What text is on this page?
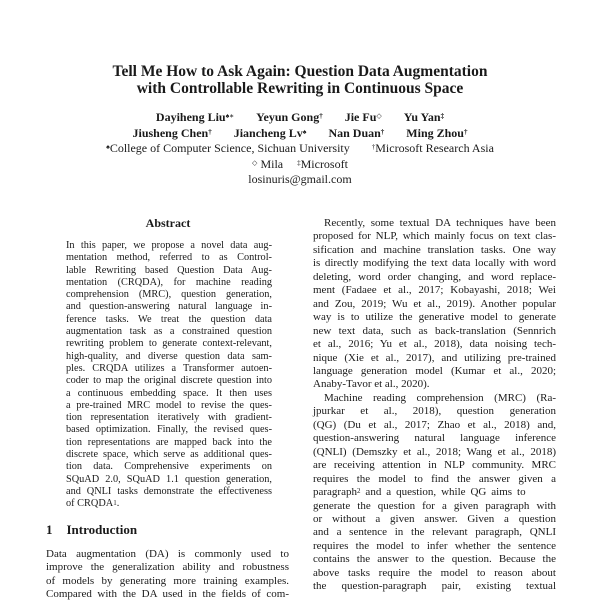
Tell Me How to Ask Again: Question Data Augmentation
with Controllable Rewriting in Continuous Space
Dayiheng Liu♠∗ Yeyun Gong† Jie Fu◇ Yu Yan‡
Jiusheng Chen† Jiancheng Lv♠ Nan Duan† Ming Zhou†
♠College of Computer Science, Sichuan University	†Microsoft Research Asia
◇ Mila ‡Microsoft
losinuris@gmail.com
Abstract
In this paper, we propose a novel data aug-
mentation method, referred to as Control-
lable Rewriting based Question Data Aug-
mentation (CRQDA), for machine reading
comprehension (MRC), question generation,
and question-answering natural language in-
ference tasks. We treat the question data
augmentation task as a constrained question
rewriting problem to generate context-relevant,
high-quality, and diverse question data sam-
ples. CRQDA utilizes a Transformer autoen-
coder to map the original discrete question into
a continuous embedding space. It then uses
a pre-trained MRC model to revise the ques-
tion representation iteratively with gradient-
based optimization. Finally, the revised ques-
tion representations are mapped back into the
discrete space, which serve as additional ques-
tion data. Comprehensive experiments on
SQuAD 2.0, SQuAD 1.1 question generation,
and QNLI tasks demonstrate the effectiveness
of CRQDA$^1$.
1 Introduction
Data augmentation (DA) is commonly used to
improve the generalization ability and robustness
of models by generating more training examples.
Compared with the DA used in the fields of com-
Recently, some textual DA techniques have been
proposed for NLP, which mainly focus on text clas-
sification and machine translation tasks. One way
is directly modifying the text data locally with word
deleting, word order changing, and word replace-
ment (Fadaee et al., 2017; Kobayashi, 2018; Wei
and Zou, 2019; Wu et al., 2019). Another popular
way is to utilize the generative model to generate
new text data, such as back-translation (Sennrich
et al., 2016; Yu et al., 2018), data noising tech-
nique (Xie et al., 2017), and utilizing pre-trained
language generation model (Kumar et al., 2020;
Anaby-Tavor et al., 2020).
Machine reading comprehension (MRC) (Ra-
jpurkar et al., 2018), question generation
(QG) (Du et al., 2017; Zhao et al., 2018) and,
question-answering natural language inference
(QNLI) (Demszky et al., 2018; Wang et al., 2018)
are receiving attention in NLP community. MRC
requires the model to find the answer given a
paragraph$^2$ and a question, while QG aims to
generate the question for a given paragraph with
or without a given answer. Given a question
and a sentence in the relevant paragraph, QNLI
requires the model to infer whether the sentence
contains the answer to the question. Because the
above tasks require the model to reason about
the question-paragraph pair, existing textual
